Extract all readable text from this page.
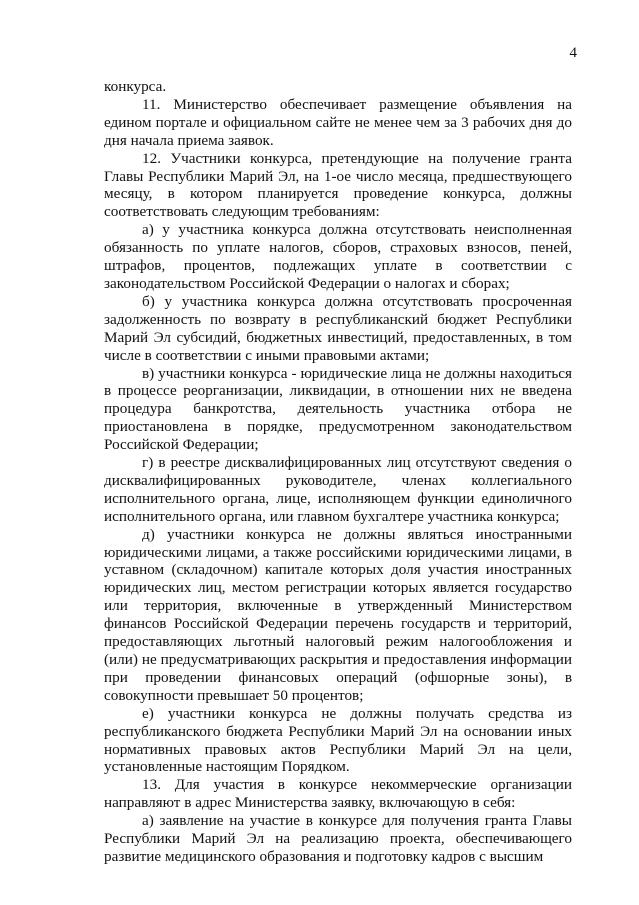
4

конкурса.

11. Министерство обеспечивает размещение объявления на едином портале и официальном сайте не менее чем за 3 рабочих дня до дня начала приема заявок.

12. Участники конкурса, претендующие на получение гранта Главы Республики Марий Эл, на 1-ое число месяца, предшествующего месяцу, в котором планируется проведение конкурса, должны соответствовать следующим требованиям:

а) у участника конкурса должна отсутствовать неисполненная обязанность по уплате налогов, сборов, страховых взносов, пеней, штрафов, процентов, подлежащих уплате в соответствии с законодательством Российской Федерации о налогах и сборах;

б) у участника конкурса должна отсутствовать просроченная задолженность по возврату в республиканский бюджет Республики Марий Эл субсидий, бюджетных инвестиций, предоставленных, в том числе в соответствии с иными правовыми актами;

в) участники конкурса - юридические лица не должны находиться в процессе реорганизации, ликвидации, в отношении них не введена процедура банкротства, деятельность участника отбора не приостановлена в порядке, предусмотренном законодательством Российской Федерации;

г) в реестре дисквалифицированных лиц отсутствуют сведения о дисквалифицированных руководителе, членах коллегиального исполнительного органа, лице, исполняющем функции единоличного исполнительного органа, или главном бухгалтере участника конкурса;

д) участники конкурса не должны являться иностранными юридическими лицами, а также российскими юридическими лицами, в уставном (складочном) капитале которых доля участия иностранных юридических лиц, местом регистрации которых является государство или территория, включенные в утвержденный Министерством финансов Российской Федерации перечень государств и территорий, предоставляющих льготный налоговый режим налогообложения и (или) не предусматривающих раскрытия и предоставления информации при проведении финансовых операций (офшорные зоны), в совокупности превышает 50 процентов;

е) участники конкурса не должны получать средства из республиканского бюджета Республики Марий Эл на основании иных нормативных правовых актов Республики Марий Эл на цели, установленные настоящим Порядком.

13. Для участия в конкурсе некоммерческие организации направляют в адрес Министерства заявку, включающую в себя:

а) заявление на участие в конкурсе для получения гранта Главы Республики Марий Эл на реализацию проекта, обеспечивающего развитие медицинского образования и подготовку кадров с высшим
